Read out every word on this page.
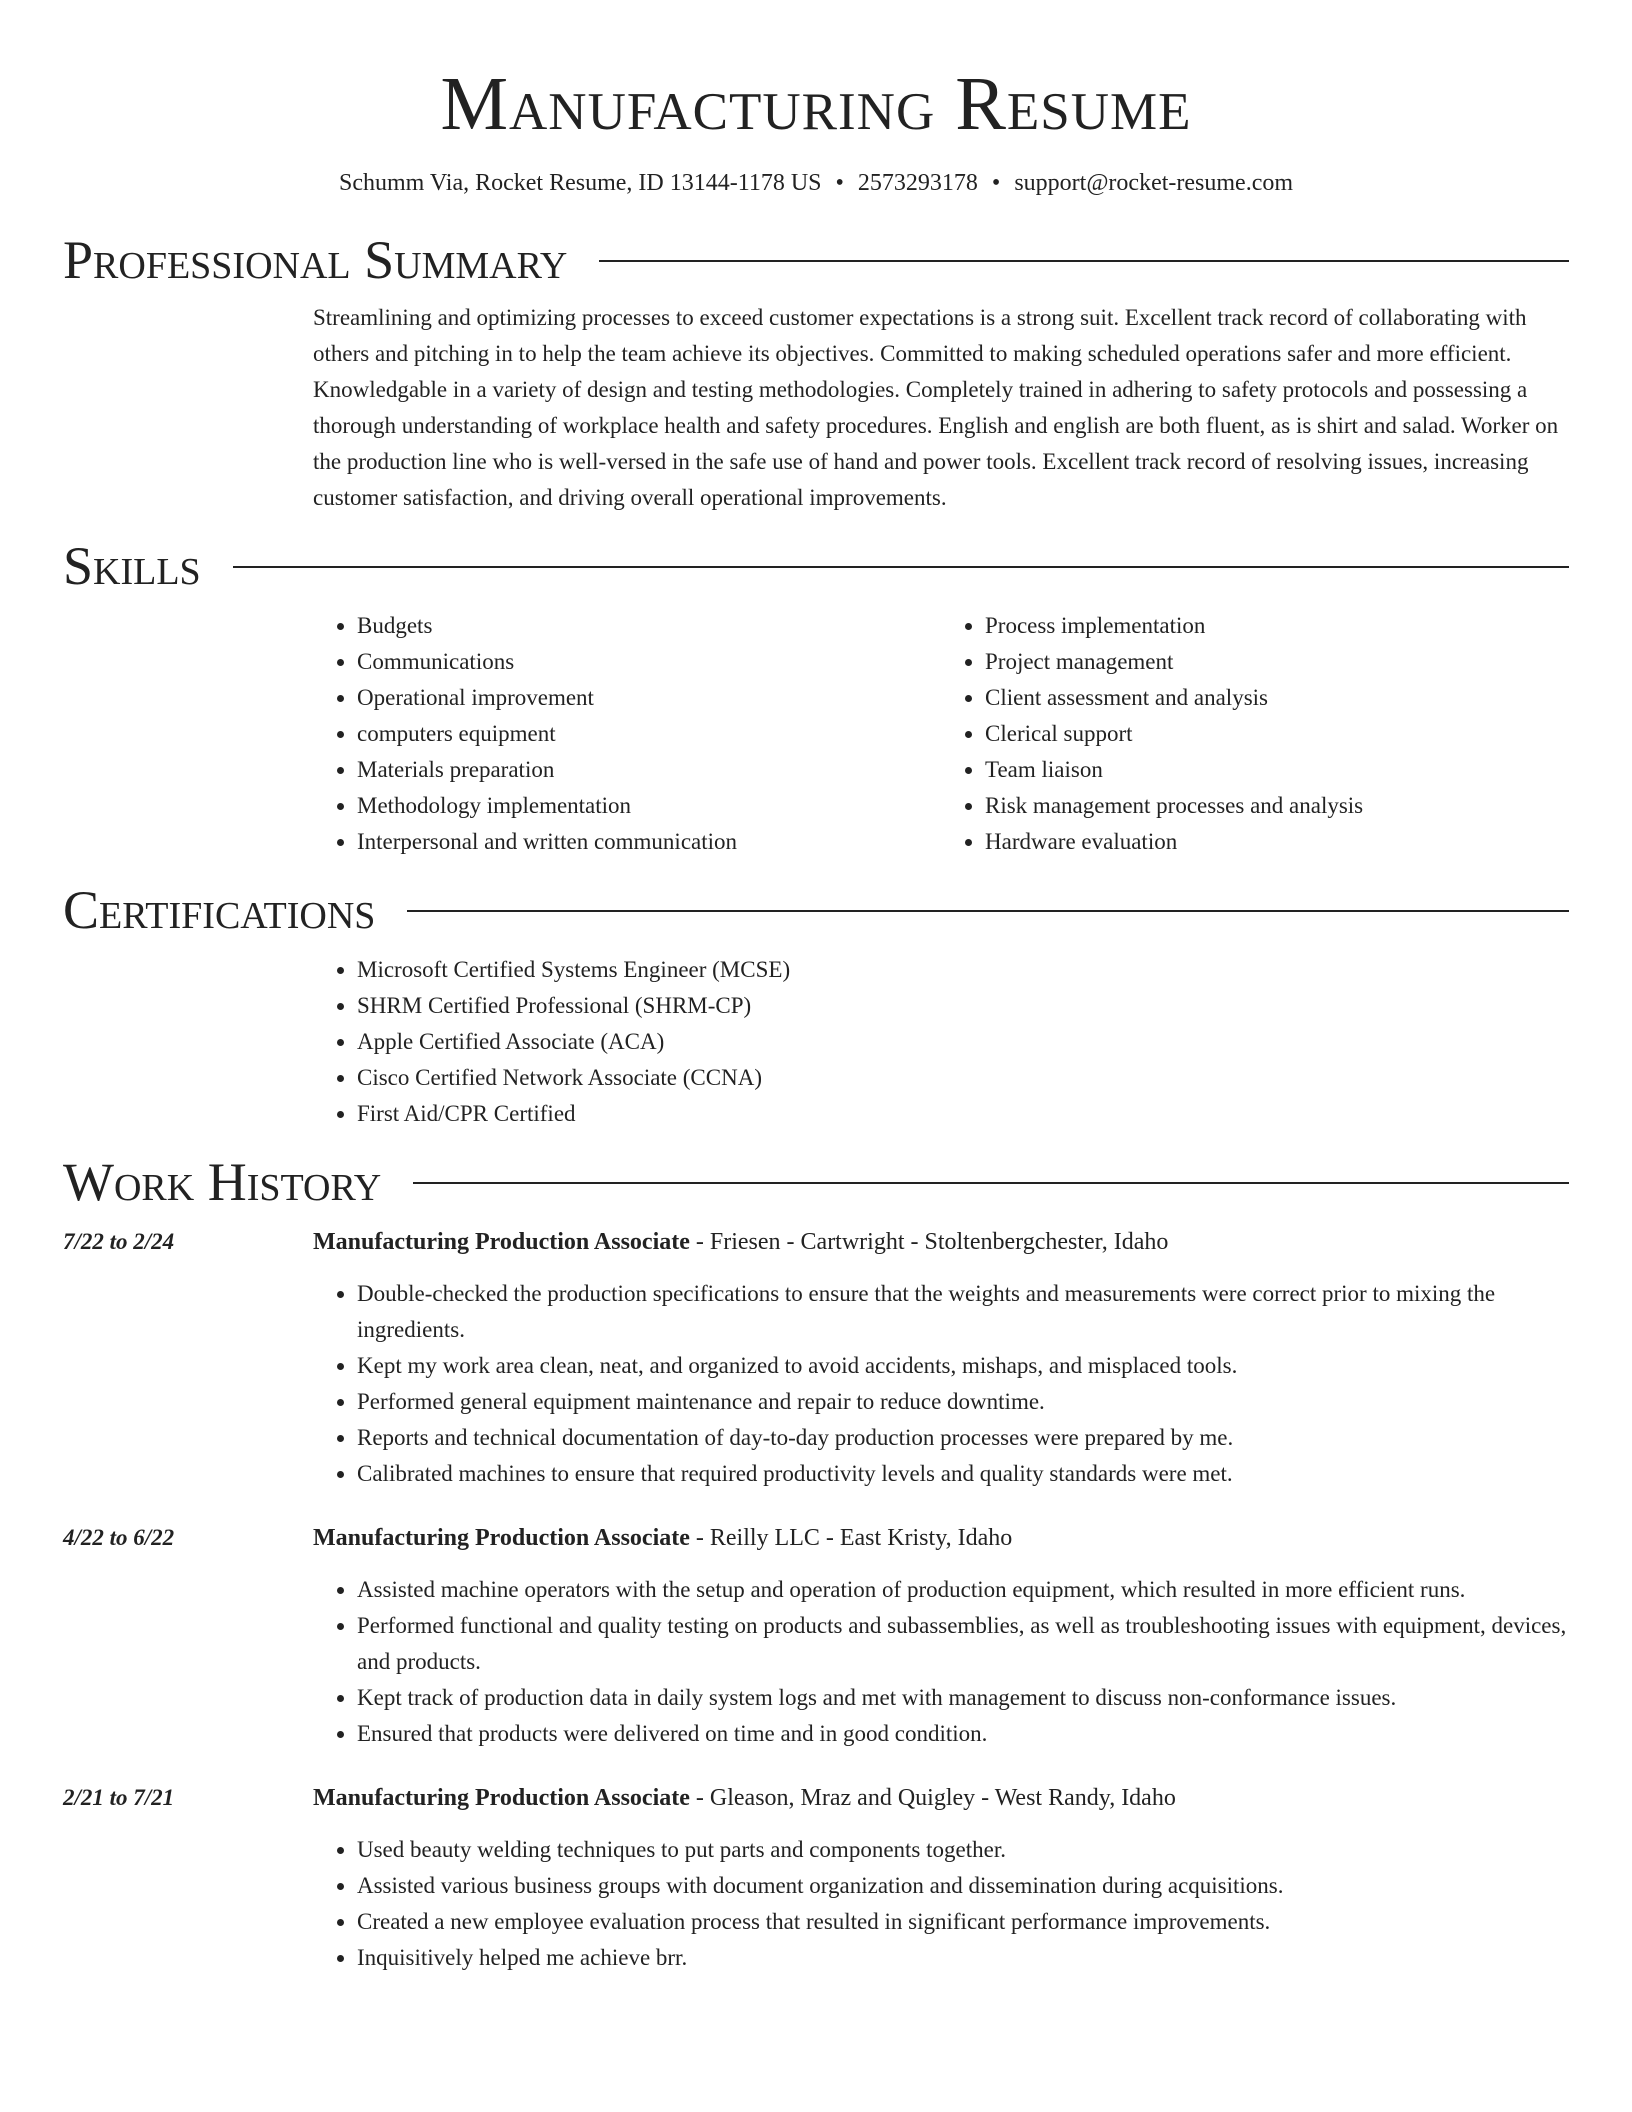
Manufacturing Resume
Schumm Via, Rocket Resume, ID 13144-1178 US • 2573293178 • support@rocket-resume.com
Professional Summary
Streamlining and optimizing processes to exceed customer expectations is a strong suit. Excellent track record of collaborating with others and pitching in to help the team achieve its objectives. Committed to making scheduled operations safer and more efficient. Knowledgable in a variety of design and testing methodologies. Completely trained in adhering to safety protocols and possessing a thorough understanding of workplace health and safety procedures. English and english are both fluent, as is shirt and salad. Worker on the production line who is well-versed in the safe use of hand and power tools. Excellent track record of resolving issues, increasing customer satisfaction, and driving overall operational improvements.
Skills
• Budgets
• Communications
• Operational improvement
• computers equipment
• Materials preparation
• Methodology implementation
• Interpersonal and written communication
• Process implementation
• Project management
• Client assessment and analysis
• Clerical support
• Team liaison
• Risk management processes and analysis
• Hardware evaluation
Certifications
• Microsoft Certified Systems Engineer (MCSE)
• SHRM Certified Professional (SHRM-CP)
• Apple Certified Associate (ACA)
• Cisco Certified Network Associate (CCNA)
• First Aid/CPR Certified
Work History
7/22 to 2/24	Manufacturing Production Associate - Friesen - Cartwright - Stoltenbergchester, Idaho
• Double-checked the production specifications to ensure that the weights and measurements were correct prior to mixing the ingredients.
• Kept my work area clean, neat, and organized to avoid accidents, mishaps, and misplaced tools.
• Performed general equipment maintenance and repair to reduce downtime.
• Reports and technical documentation of day-to-day production processes were prepared by me.
• Calibrated machines to ensure that required productivity levels and quality standards were met.
4/22 to 6/22	Manufacturing Production Associate - Reilly LLC - East Kristy, Idaho
• Assisted machine operators with the setup and operation of production equipment, which resulted in more efficient runs.
• Performed functional and quality testing on products and subassemblies, as well as troubleshooting issues with equipment, devices, and products.
• Kept track of production data in daily system logs and met with management to discuss non-conformance issues.
• Ensured that products were delivered on time and in good condition.
2/21 to 7/21	Manufacturing Production Associate - Gleason, Mraz and Quigley - West Randy, Idaho
• Used beauty welding techniques to put parts and components together.
• Assisted various business groups with document organization and dissemination during acquisitions.
• Created a new employee evaluation process that resulted in significant performance improvements.
• Inquisitively helped me achieve brr.
